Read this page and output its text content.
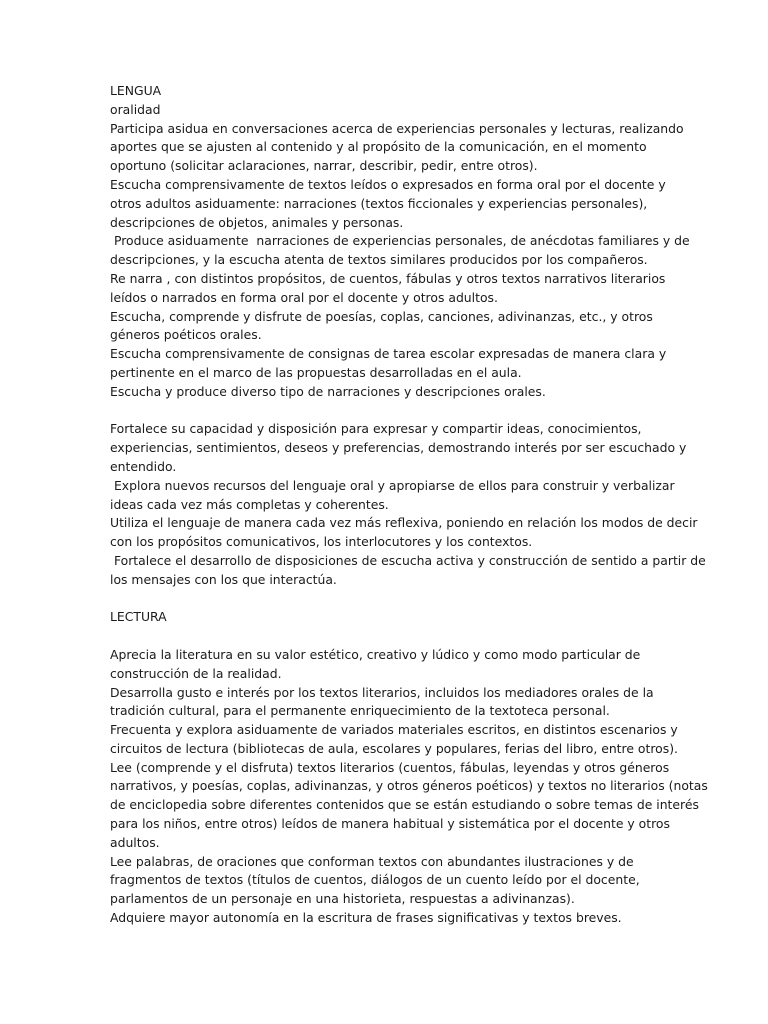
LENGUA
oralidad
Participa asidua en conversaciones acerca de experiencias personales y lecturas, realizando
aportes que se ajusten al contenido y al propósito de la comunicación, en el momento
oportuno (solicitar aclaraciones, narrar, describir, pedir, entre otros).
Escucha comprensivamente de textos leídos o expresados en forma oral por el docente y
otros adultos asiduamente: narraciones (textos ficcionales y experiencias personales),
descripciones de objetos, animales y personas.
Produce asiduamente  narraciones de experiencias personales, de anécdotas familiares y de
descripciones, y la escucha atenta de textos similares producidos por los compañeros.
Re narra , con distintos propósitos, de cuentos, fábulas y otros textos narrativos literarios
leídos o narrados en forma oral por el docente y otros adultos.
Escucha, comprende y disfrute de poesías, coplas, canciones, adivinanzas, etc., y otros
géneros poéticos orales.
Escucha comprensivamente de consignas de tarea escolar expresadas de manera clara y
pertinente en el marco de las propuestas desarrolladas en el aula.
Escucha y produce diverso tipo de narraciones y descripciones orales.
Fortalece su capacidad y disposición para expresar y compartir ideas, conocimientos,
experiencias, sentimientos, deseos y preferencias, demostrando interés por ser escuchado y
entendido.
Explora nuevos recursos del lenguaje oral y apropiarse de ellos para construir y verbalizar
ideas cada vez más completas y coherentes.
Utiliza el lenguaje de manera cada vez más reflexiva, poniendo en relación los modos de decir
con los propósitos comunicativos, los interlocutores y los contextos.
Fortalece el desarrollo de disposiciones de escucha activa y construcción de sentido a partir de
los mensajes con los que interactúa.
LECTURA
Aprecia la literatura en su valor estético, creativo y lúdico y como modo particular de
construcción de la realidad.
Desarrolla gusto e interés por los textos literarios, incluidos los mediadores orales de la
tradición cultural, para el permanente enriquecimiento de la textoteca personal.
Frecuenta y explora asiduamente de variados materiales escritos, en distintos escenarios y
circuitos de lectura (bibliotecas de aula, escolares y populares, ferias del libro, entre otros).
Lee (comprende y el disfruta) textos literarios (cuentos, fábulas, leyendas y otros géneros
narrativos, y poesías, coplas, adivinanzas, y otros géneros poéticos) y textos no literarios (notas
de enciclopedia sobre diferentes contenidos que se están estudiando o sobre temas de interés
para los niños, entre otros) leídos de manera habitual y sistemática por el docente y otros
adultos.
Lee palabras, de oraciones que conforman textos con abundantes ilustraciones y de
fragmentos de textos (títulos de cuentos, diálogos de un cuento leído por el docente,
parlamentos de un personaje en una historieta, respuestas a adivinanzas).
Adquiere mayor autonomía en la escritura de frases significativas y textos breves.
